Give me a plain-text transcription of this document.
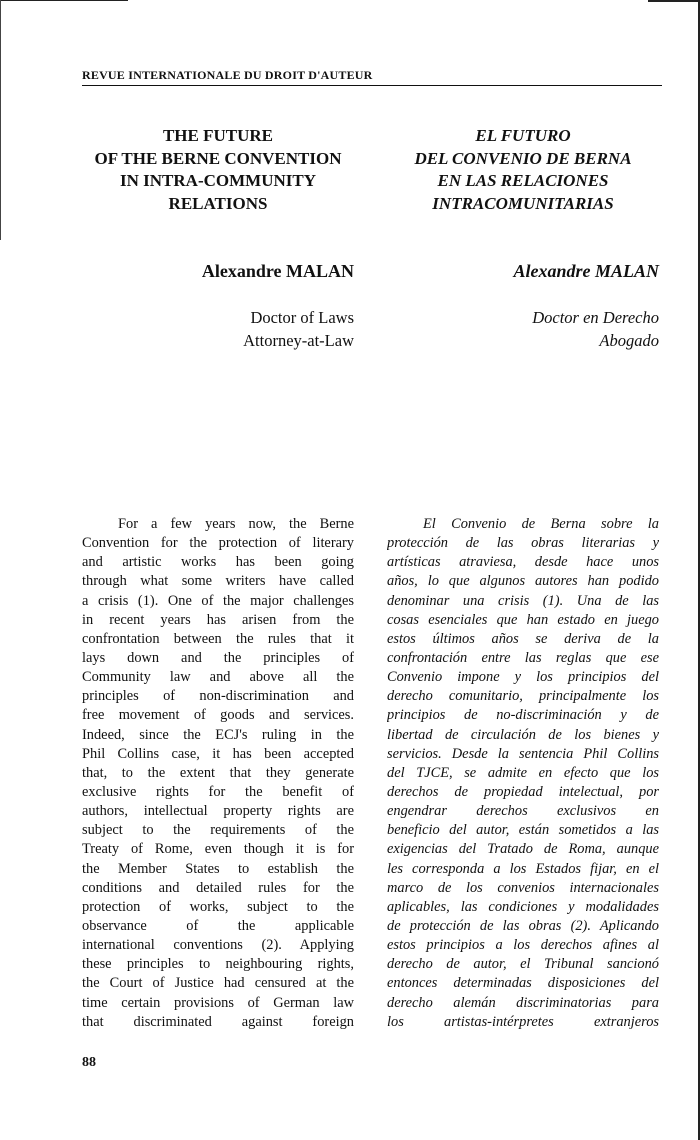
REVUE INTERNATIONALE DU DROIT D'AUTEUR
THE FUTURE
OF THE BERNE CONVENTION
IN INTRA-COMMUNITY
RELATIONS
EL FUTURO
DEL CONVENIO DE BERNA
EN LAS RELACIONES
INTRACOMUNITARIAS
Alexandre MALAN	Alexandre MALAN
Doctor of Laws
Attorney-at-Law
Doctor en Derecho
Abogado
For a few years now, the Berne
Convention for the protection of literary
and artistic works has been going
through what some writers have called
a crisis (1). One of the major challenges
in recent years has arisen from the
confrontation between the rules that it
lays down and the principles of
Community law and above all the
principles of non-discrimination and
free movement of goods and services.
Indeed, since the ECJ's ruling in the
Phil Collins case, it has been accepted
that, to the extent that they generate
exclusive rights for the benefit of
authors, intellectual property rights are
subject to the requirements of the
Treaty of Rome, even though it is for
the Member States to establish the
conditions and detailed rules for the
protection of works, subject to the
observance of the applicable
international conventions (2). Applying
these principles to neighbouring rights,
the Court of Justice had censured at the
time certain provisions of German law
that discriminated against foreign
El Convenio de Berna sobre la
protección de las obras literarias y
artísticas atraviesa, desde hace unos
años, lo que algunos autores han podido
denominar una crisis (1). Una de las
cosas esenciales que han estado en juego
estos últimos años se deriva de la
confrontación entre las reglas que ese
Convenio impone y los principios del
derecho comunitario, principalmente los
principios de no-discriminación y de
libertad de circulación de los bienes y
servicios. Desde la sentencia Phil Collins
del TJCE, se admite en efecto que los
derechos de propiedad intelectual, por
engendrar derechos exclusivos en
beneficio del autor, están sometidos a las
exigencias del Tratado de Roma, aunque
les corresponda a los Estados fijar, en el
marco de los convenios internacionales
aplicables, las condiciones y modalidades
de protección de las obras (2). Aplicando
estos principios a los derechos afines al
derecho de autor, el Tribunal sancionó
entonces determinadas disposiciones del
derecho alemán discriminatorias para
los artistas-intérpretes extranjeros
88
